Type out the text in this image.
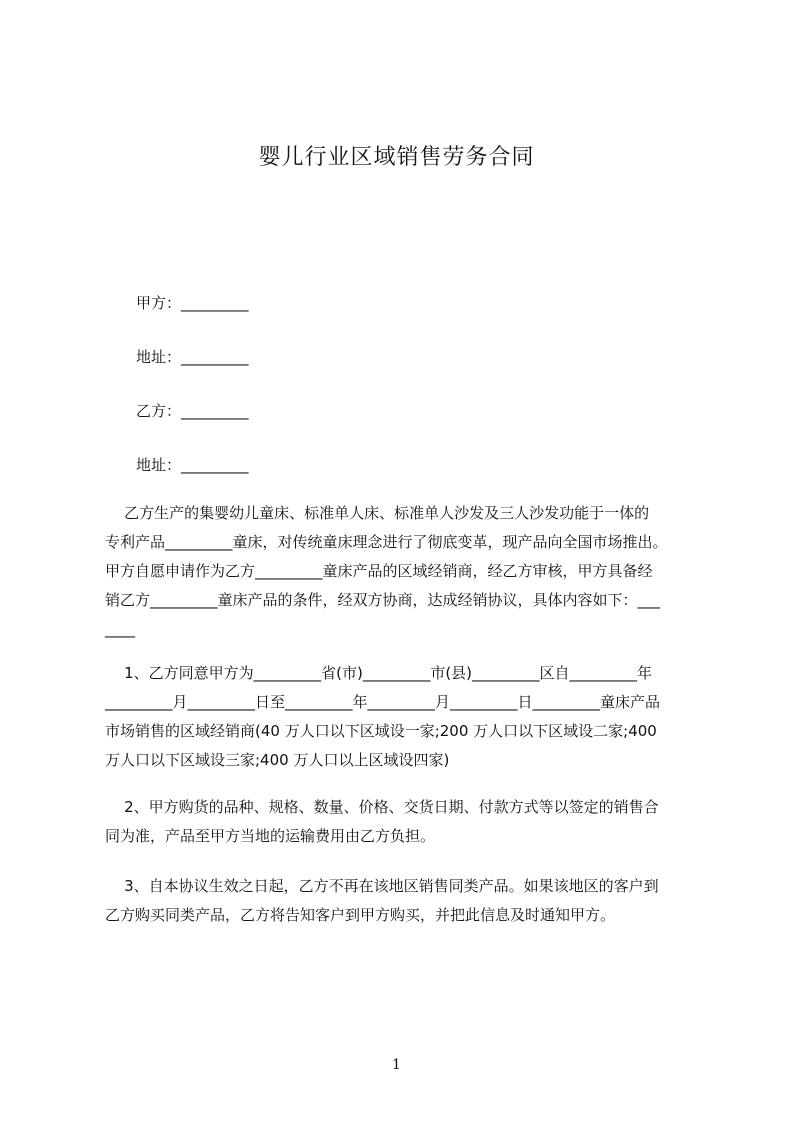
婴儿行业区域销售劳务合同
甲方：_________
地址：_________
乙方：_________
地址：_________
乙方生产的集婴幼儿童床、标准单人床、标准单人沙发及三人沙发功能于一体的
专利产品_________童床，对传统童床理念进行了彻底变革，现产品向全国市场推出。
甲方自愿申请作为乙方_________童床产品的区域经销商，经乙方审核，甲方具备经
销乙方_________童床产品的条件，经双方协商，达成经销协议，具体内容如下：___
____
1、乙方同意甲方为_________省(市)_________市(县)_________区自_________年
_________月_________日至_________年_________月_________日_________童床产品
市场销售的区域经销商(40 万人口以下区域设一家;200 万人口以下区域设二家;400
万人口以下区域设三家;400 万人口以上区域设四家)
2、甲方购货的品种、规格、数量、价格、交货日期、付款方式等以签定的销售合
同为准，产品至甲方当地的运输费用由乙方负担。
3、自本协议生效之日起，乙方不再在该地区销售同类产品。如果该地区的客户到
乙方购买同类产品，乙方将告知客户到甲方购买，并把此信息及时通知甲方。
1
